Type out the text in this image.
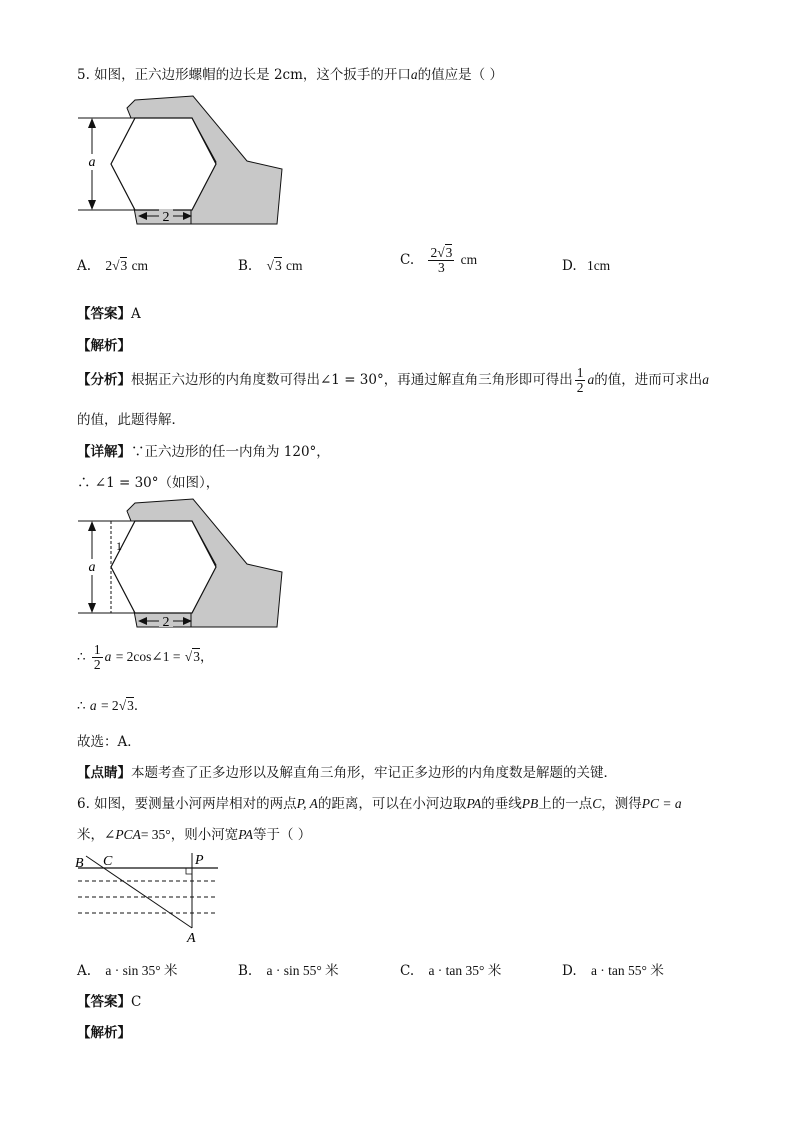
5. 如图，正六边形螺帽的边长是 2cm，这个扳手的开口a的值应是（ ）
a
2
A. 2√3 cm	B. √3 cm	C. $\frac{2√3}{3}$ cm	D. 1cm
【答案】A
【解析】
【分析】根据正六边形的内角度数可得出∠1 = 30°，再通过解直角三角形即可得出 $\frac{1}{2}$ a的值，进而可求出a
的值，此题得解．
【详解】∵正六边形的任一内角为 120°，
∴ ∠1 = 30°（如图），
1
a
2
∴ $\frac{1}{2}$ a = 2cos∠1 = √3，
∴ a = 2√3．
故选：A．
【点睛】本题考查了正多边形以及解直角三角形，牢记正多边形的内角度数是解题的关键．
6. 如图，要测量小河两岸相对的两点P, A的距离，可以在小河边取PA的垂线PB上的一点C，测得PC = a
米，∠PCA= 35°，则小河宽PA等于（ ）
B C	P
A
A. a · sin 35° 米	B. a · sin 55° 米	C. a · tan 35° 米	D. a · tan 55° 米
【答案】C
【解析】
